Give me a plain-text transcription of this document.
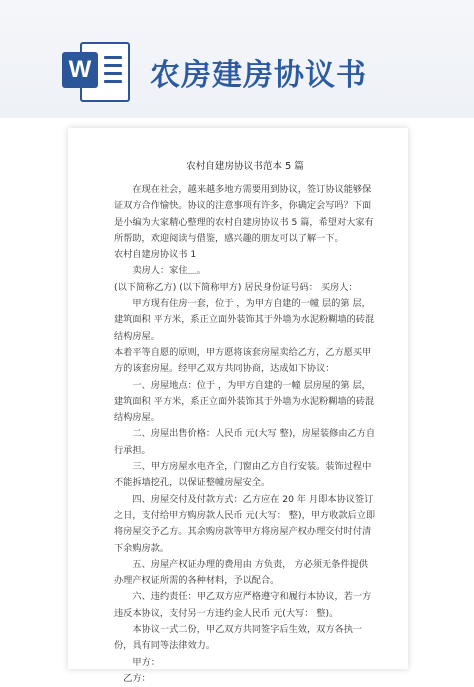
W 农房建房协议书
农村自建房协议书范本 5 篇

在现在社会，越来越多地方需要用到协议，签订协议能够保证双方合作愉快。协议的注意事项有许多，你确定会写吗？下面是小编为大家精心整理的农村自建房协议书 5 篇，希望对大家有所帮助，欢迎阅读与借鉴，感兴趣的朋友可以了解一下。

农村自建房协议书 1

卖房人：家住＿。

(以下简称乙方) (以下简称甲方) 居民身份证号码： 买房人：

甲方现有住房一套，位于 ，为甲方自建的一幢 层的第 层，建筑面积 平方米，系正立面外装饰其于外墙为水泥粉糊墙的砖混结构房屋。

本着平等自愿的原则，甲方愿将该套房屋卖给乙方，乙方愿买甲方的该套房屋。经甲乙双方共同协商，达成如下协议：

一、房屋地点：位于 ，为甲方自建的一幢 层房屋的第 层，建筑面积 平方米，系正立面外装饰其于外墙为水泥粉糊墙的砖混结构房屋。

二、房屋出售价格：人民币 元(大写 整)，房屋装修由乙方自行承担。

三、甲方房屋水电齐全，门窗由乙方自行安装。装饰过程中不能拆墙挖孔，以保证整幢房屋安全。

四、房屋交付及付款方式：乙方应在 20 年 月即本协议签订之日，支付给甲方购房款人民币 元(大写： 整)，甲方收款后立即将房屋交予乙方。其余购房款等甲方将房屋产权办理交付时付清下余购房款。

五、房屋产权证办理的费用由 方负责， 方必须无条件提供办理产权证所需的各种材料，予以配合。

六、违约责任：甲乙双方应严格遵守和履行本协议，若一方违反本协议，支付另一方违约金人民币 元(大写： 整)。

本协议一式二份，甲乙双方共同签字后生效，双方各执一份，具有同等法律效力。

甲方：

乙方：
